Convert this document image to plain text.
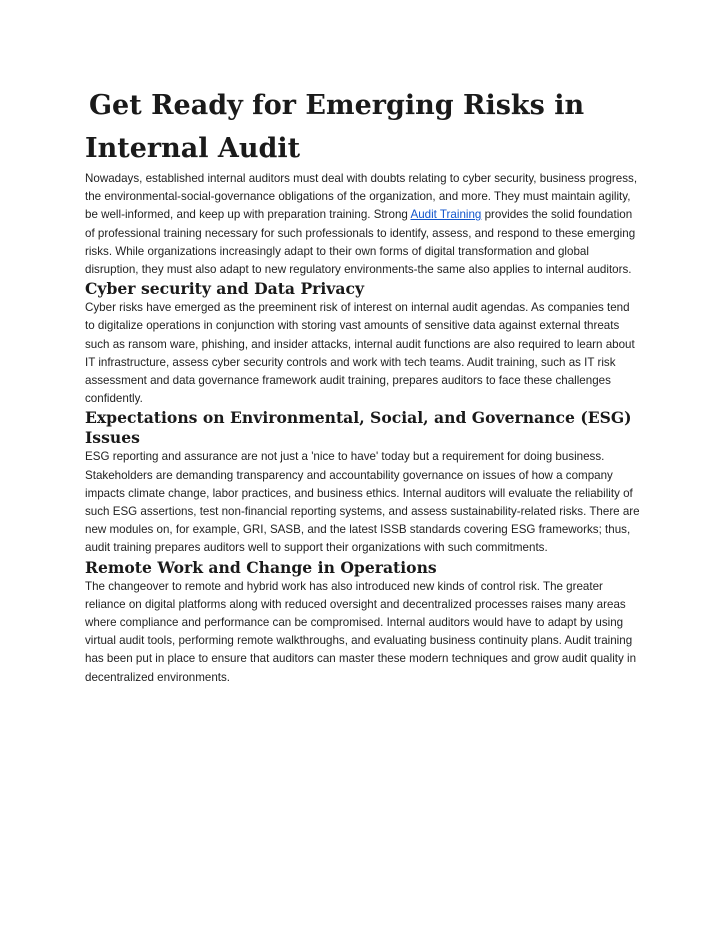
Get Ready for Emerging Risks in
Internal Audit

Nowadays, established internal auditors must deal with doubts relating to cyber security, business progress, the environmental-social-governance obligations of the organization, and more. They must maintain agility, be well-informed, and keep up with preparation training. Strong Audit Training provides the solid foundation of professional training necessary for such professionals to identify, assess, and respond to these emerging risks. While organizations increasingly adapt to their own forms of digital transformation and global disruption, they must also adapt to new regulatory environments-the same also applies to internal auditors.

Cyber security and Data Privacy

Cyber risks have emerged as the preeminent risk of interest on internal audit agendas. As companies tend to digitalize operations in conjunction with storing vast amounts of sensitive data against external threats such as ransom ware, phishing, and insider attacks, internal audit functions are also required to learn about IT infrastructure, assess cyber security controls and work with tech teams. Audit training, such as IT risk assessment and data governance framework audit training, prepares auditors to face these challenges confidently.

Expectations on Environmental, Social, and Governance (ESG) Issues

ESG reporting and assurance are not just a 'nice to have' today but a requirement for doing business. Stakeholders are demanding transparency and accountability governance on issues of how a company impacts climate change, labor practices, and business ethics. Internal auditors will evaluate the reliability of such ESG assertions, test non-financial reporting systems, and assess sustainability-related risks. There are new modules on, for example, GRI, SASB, and the latest ISSB standards covering ESG frameworks; thus, audit training prepares auditors well to support their organizations with such commitments.

Remote Work and Change in Operations

The changeover to remote and hybrid work has also introduced new kinds of control risk. The greater reliance on digital platforms along with reduced oversight and decentralized processes raises many areas where compliance and performance can be compromised. Internal auditors would have to adapt by using virtual audit tools, performing remote walkthroughs, and evaluating business continuity plans. Audit training has been put in place to ensure that auditors can master these modern techniques and grow audit quality in decentralized environments.
